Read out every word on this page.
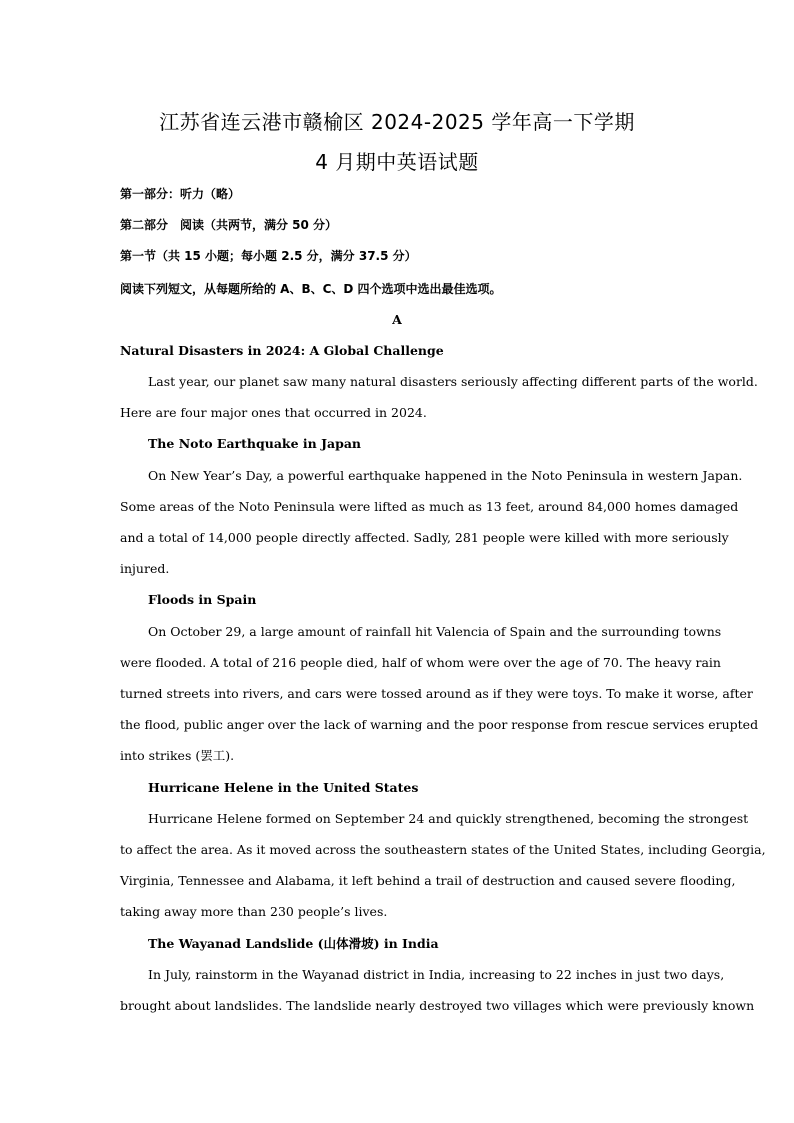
江苏省连云港市赣榆区 2024-2025 学年高一下学期
4 月期中英语试题
第一部分：听力（略）
第二部分　阅读（共两节，满分 50 分）
第一节（共 15 小题；每小题 2.5 分，满分 37.5 分）
阅读下列短文，从每题所给的 A、B、C、D 四个选项中选出最佳选项。
A
Natural Disasters in 2024: A Global Challenge
Last year, our planet saw many natural disasters seriously affecting different parts of the world.
Here are four major ones that occurred in 2024.
The Noto Earthquake in Japan
On New Year’s Day, a powerful earthquake happened in the Noto Peninsula in western Japan.
Some areas of the Noto Peninsula were lifted as much as 13 feet, around 84,000 homes damaged
and a total of 14,000 people directly affected. Sadly, 281 people were killed with more seriously
injured.
Floods in Spain
On October 29, a large amount of rainfall hit Valencia of Spain and the surrounding towns
were flooded. A total of 216 people died, half of whom were over the age of 70. The heavy rain
turned streets into rivers, and cars were tossed around as if they were toys. To make it worse, after
the flood, public anger over the lack of warning and the poor response from rescue services erupted
into strikes (罢工).
Hurricane Helene in the United States
Hurricane Helene formed on September 24 and quickly strengthened, becoming the strongest
to affect the area. As it moved across the southeastern states of the United States, including Georgia,
Virginia, Tennessee and Alabama, it left behind a trail of destruction and caused severe flooding,
taking away more than 230 people’s lives.
The Wayanad Landslide (山体滑坡) in India
In July, rainstorm in the Wayanad district in India, increasing to 22 inches in just two days,
brought about landslides. The landslide nearly destroyed two villages which were previously known
